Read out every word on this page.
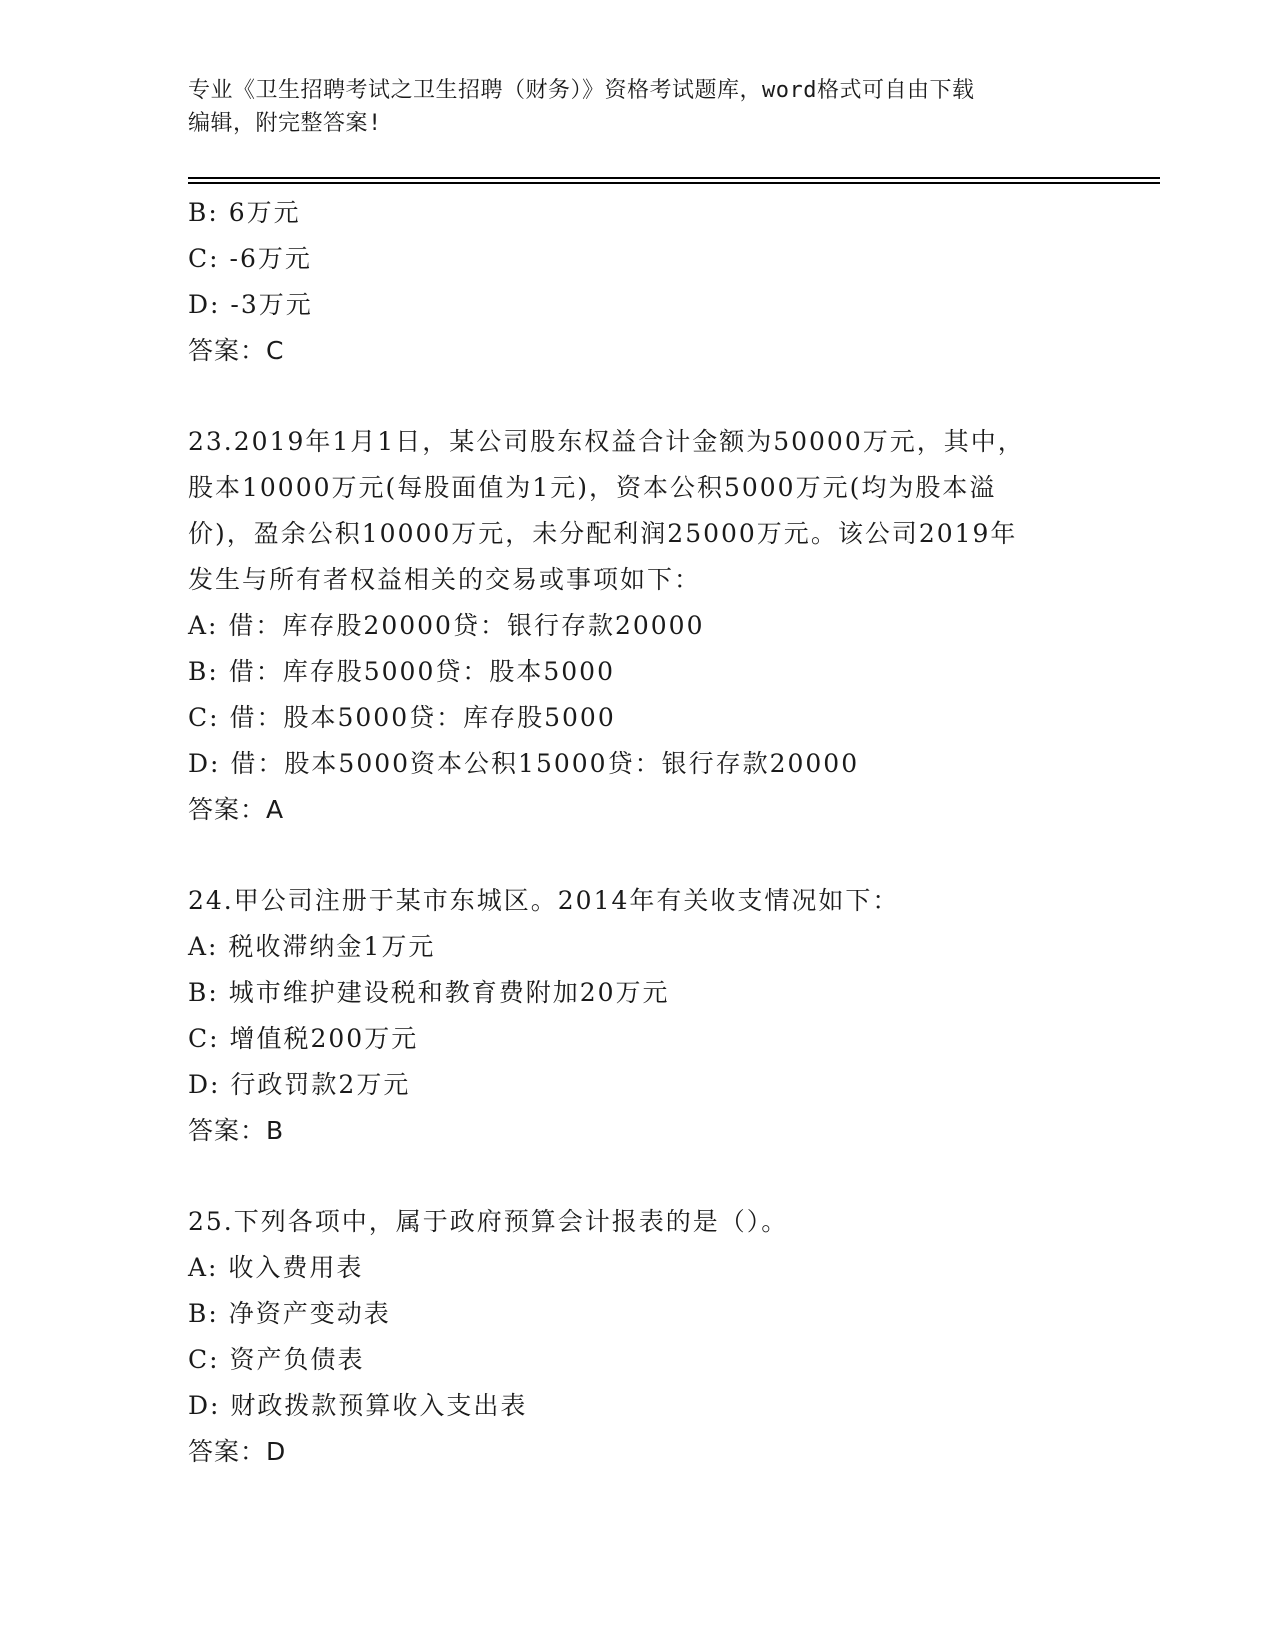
专业《卫生招聘考试之卫生招聘（财务）》资格考试题库，word格式可自由下载
编辑，附完整答案!
B: 6万元
C: -6万元
D: -3万元
答案：C
23.2019年1月1日，某公司股东权益合计金额为50000万元，其中，
股本10000万元(每股面值为1元)，资本公积5000万元(均为股本溢
价)，盈余公积10000万元，未分配利润25000万元。该公司2019年
发生与所有者权益相关的交易或事项如下：
A: 借：库存股20000贷：银行存款20000
B: 借：库存股5000贷：股本5000
C: 借：股本5000贷：库存股5000
D: 借：股本5000资本公积15000贷：银行存款20000
答案：A
24.甲公司注册于某市东城区。2014年有关收支情况如下：
A: 税收滞纳金1万元
B: 城市维护建设税和教育费附加20万元
C: 增值税200万元
D: 行政罚款2万元
答案：B
25.下列各项中，属于政府预算会计报表的是（）。
A: 收入费用表
B: 净资产变动表
C: 资产负债表
D: 财政拨款预算收入支出表
答案：D
